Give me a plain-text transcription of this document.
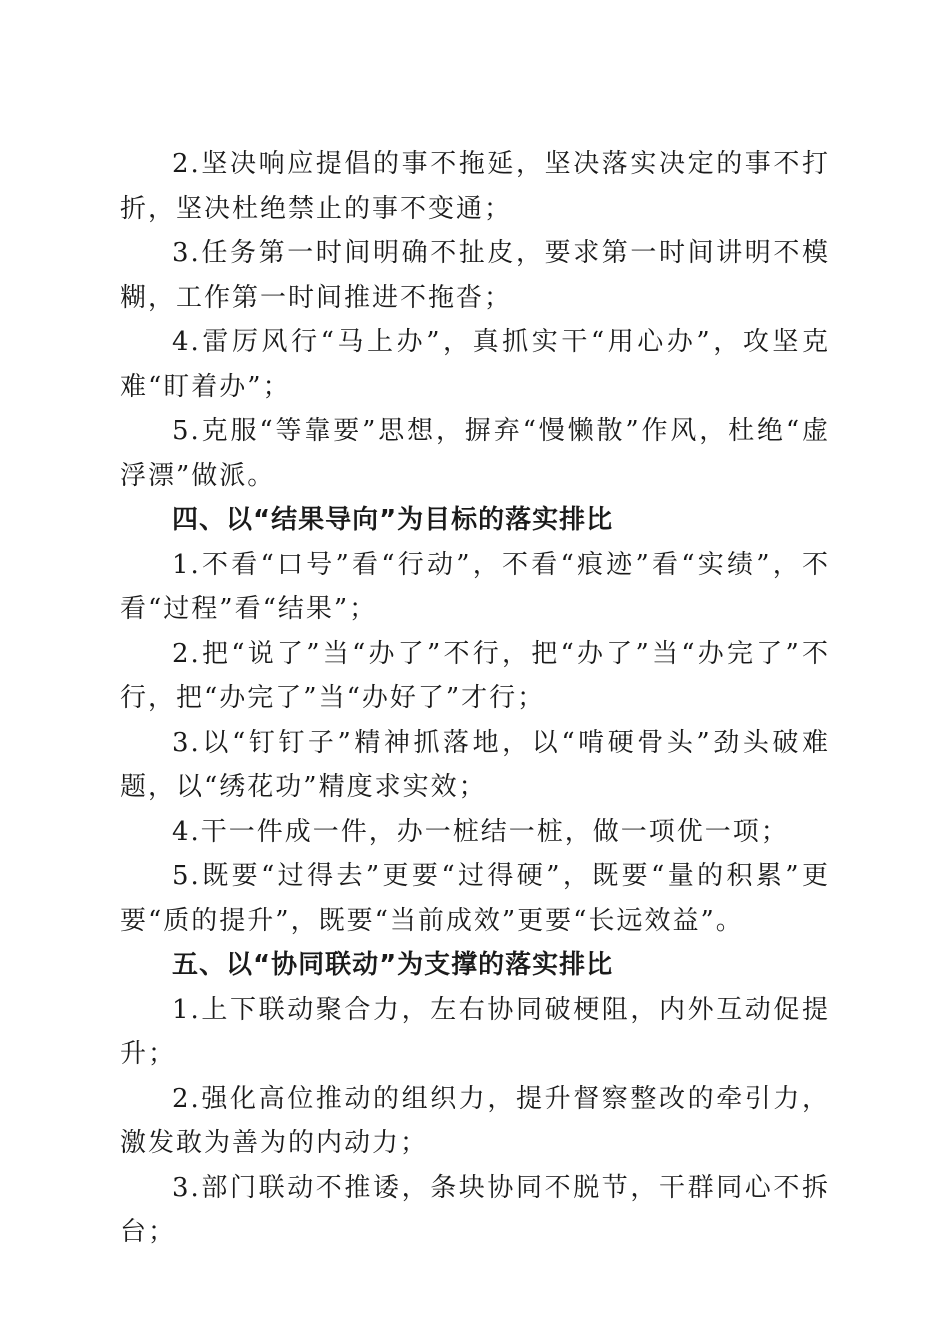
2.坚决响应提倡的事不拖延，坚决落实决定的事不打折，坚决杜绝禁止的事不变通；

3.任务第一时间明确不扯皮，要求第一时间讲明不模糊，工作第一时间推进不拖沓；

4.雷厉风行“马上办”，真抓实干“用心办”，攻坚克难“盯着办”；

5.克服“等靠要”思想，摒弃“慢懒散”作风，杜绝“虚浮漂”做派。

四、以“结果导向”为目标的落实排比

1.不看“口号”看“行动”，不看“痕迹”看“实绩”，不看“过程”看“结果”；

2.把“说了”当“办了”不行，把“办了”当“办完了”不行，把“办完了”当“办好了”才行；

3.以“钉钉子”精神抓落地，以“啃硬骨头”劲头破难题，以“绣花功”精度求实效；

4.干一件成一件，办一桩结一桩，做一项优一项；

5.既要“过得去”更要“过得硬”，既要“量的积累”更要“质的提升”，既要“当前成效”更要“长远效益”。

五、以“协同联动”为支撑的落实排比

1.上下联动聚合力，左右协同破梗阻，内外互动促提升；

2.强化高位推动的组织力，提升督察整改的牵引力，激发敢为善为的内动力；

3.部门联动不推诿，条块协同不脱节，干群同心不拆台；
